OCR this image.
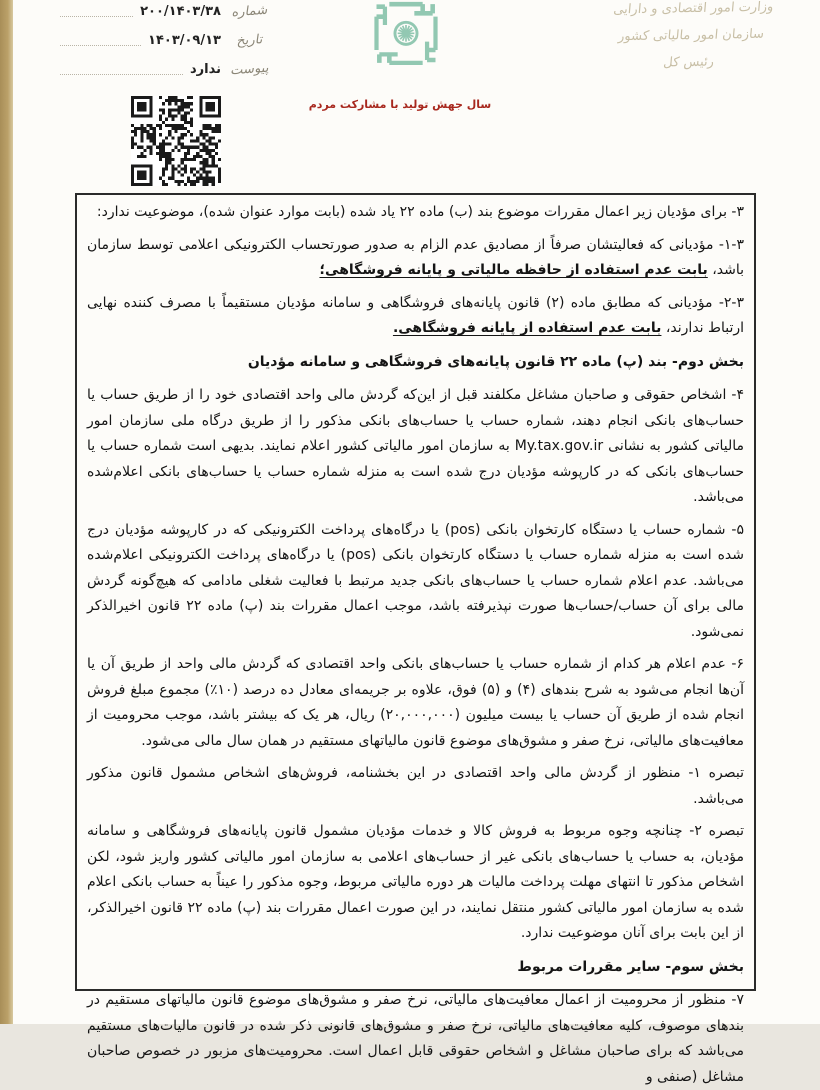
وزارت امور اقتصادی و دارایی
سازمان امور مالیاتی کشور
رئیس کل
سال جهش تولید با مشارکت مردم
شماره
۲۰۰/۱۴۰۳/۳۸
تاریخ
۱۴۰۳/۰۹/۱۳
پیوست
ندارد

۳- برای مؤدیان زیر اعمال مقررات موضوع بند (ب) ماده ۲۲ یاد شده (بابت موارد عنوان شده)، موضوعیت ندارد:

۱-۳- مؤدیانی که فعالیتشان صرفاً از مصادیق عدم الزام به صدور صورتحساب الکترونیکی اعلامی توسط سازمان باشد، بابت عدم استفاده از حافظه مالیاتی و پایانه فروشگاهی؛

۲-۳- مؤدیانی که مطابق ماده (۲) قانون پایانه‌های فروشگاهی و سامانه مؤدیان مستقیماً با مصرف کننده نهایی ارتباط ندارند، بابت عدم استفاده از پایانه فروشگاهی.

بخش دوم- بند (پ) ماده ۲۲ قانون پایانه‌های فروشگاهی و سامانه مؤدیان

۴- اشخاص حقوقی و صاحبان مشاغل مکلفند قبل از این‌که گردش مالی واحد اقتصادی خود را از طریق حساب یا حساب‌های بانکی انجام دهند، شماره حساب یا حساب‌های بانکی مذکور را از طریق درگاه ملی سازمان امور مالیاتی کشور به نشانی My.tax.gov.ir به سازمان امور مالیاتی کشور اعلام نمایند. بدیهی است شماره حساب یا حساب‌های بانکی که در کارپوشه مؤدیان درج شده است به منزله شماره حساب یا حساب‌های بانکی اعلام‌شده می‌باشد.

۵- شماره حساب یا دستگاه کارتخوان بانکی (pos) یا درگاه‌های پرداخت الکترونیکی که در کارپوشه مؤدیان درج شده است به منزله شماره حساب یا دستگاه کارتخوان بانکی (pos) یا درگاه‌های پرداخت الکترونیکی اعلام‌شده می‌باشد. عدم اعلام شماره حساب یا حساب‌های بانکی جدید مرتبط با فعالیت شغلی مادامی که هیچ‌گونه گردش مالی برای آن حساب/حساب‌ها صورت نپذیرفته باشد، موجب اعمال مقررات بند (پ) ماده ۲۲ قانون اخیرالذکر نمی‌شود.

۶- عدم اعلام هر کدام از شماره حساب یا حساب‌های بانکی واحد اقتصادی که گردش مالی واحد از طریق آن یا آن‌ها انجام می‌شود به شرح بندهای (۴) و (۵) فوق، علاوه بر جریمه‌ای معادل ده درصد (۱۰٪) مجموع مبلغ فروش انجام شده از طریق آن حساب یا بیست میلیون (۲۰,۰۰۰,۰۰۰) ریال، هر یک که بیشتر باشد، موجب محرومیت از معافیت‌های مالیاتی، نرخ صفر و مشوق‌های موضوع قانون مالیاتهای مستقیم در همان سال مالی می‌شود.

تبصره ۱- منظور از گردش مالی واحد اقتصادی در این بخشنامه، فروش‌های اشخاص مشمول قانون مذکور می‌باشد.

تبصره ۲- چنانچه وجوه مربوط به فروش کالا و خدمات مؤدیان مشمول قانون پایانه‌های فروشگاهی و سامانه مؤدیان، به حساب یا حساب‌های بانکی غیر از حساب‌های اعلامی به سازمان امور مالیاتی کشور واریز شود، لکن اشخاص مذکور تا انتهای مهلت پرداخت مالیات هر دوره مالیاتی مربوط، وجوه مذکور را عیناً به حساب بانکی اعلام شده به سازمان امور مالیاتی کشور منتقل نمایند، در این صورت اعمال مقررات بند (پ) ماده ۲۲ قانون اخیرالذکر، از این بابت برای آنان موضوعیت ندارد.

بخش سوم- سایر مقررات مربوط

۷- منظور از محرومیت از اعمال معافیت‌های مالیاتی، نرخ صفر و مشوق‌های موضوع قانون مالیاتهای مستقیم در بندهای موصوف، کلیه معافیت‌های مالیاتی، نرخ صفر و مشوق‌های قانونی ذکر شده در قانون مالیات‌های مستقیم می‌باشد که برای صاحبان مشاغل و اشخاص حقوقی قابل اعمال است. محرومیت‌های مزبور در خصوص صاحبان مشاغل (صنفی و
